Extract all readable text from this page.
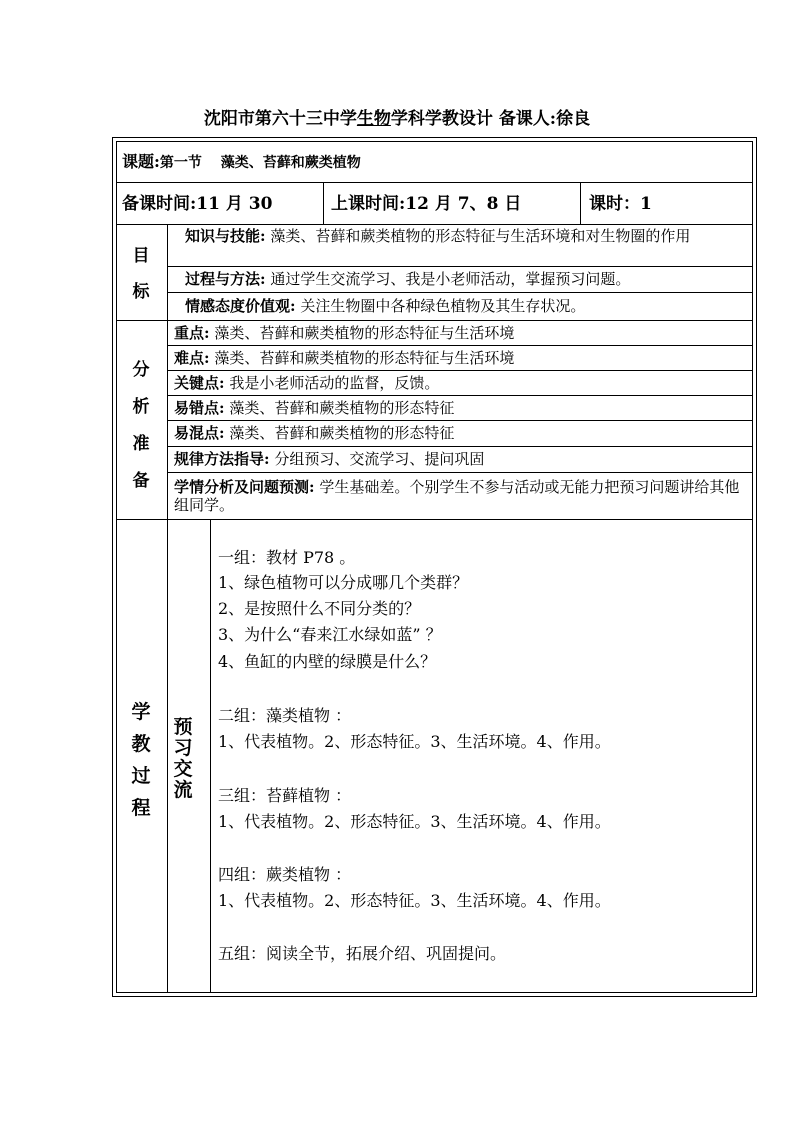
沈阳市第六十三中学生物学科学教设计 备课人:徐良
课题:第一节　 藻类、苔藓和蕨类植物
备课时间:11 月 30	上课时间:12 月 7、8 日	课时：1
目
标
知识与技能: 藻类、苔藓和蕨类植物的形态特征与生活环境和对生物圈的作用
过程与方法: 通过学生交流学习、我是小老师活动，掌握预习问题。
情感态度价值观: 关注生物圈中各种绿色植物及其生存状况。
分
析
准
备
重点: 藻类、苔藓和蕨类植物的形态特征与生活环境
难点: 藻类、苔藓和蕨类植物的形态特征与生活环境
关键点: 我是小老师活动的监督，反馈。
易错点: 藻类、苔藓和蕨类植物的形态特征
易混点: 藻类、苔藓和蕨类植物的形态特征
规律方法指导: 分组预习、交流学习、提问巩固
学情分析及问题预测: 学生基础差。个别学生不参与活动或无能力把预习问题讲给其他组同学。
学
教
过
程
预
习
交
流
一组：教材 P78 。
1、绿色植物可以分成哪几个类群？
2、是按照什么不同分类的？
3、为什么“春来江水绿如蓝” ？
4、鱼缸的内壁的绿膜是什么？
二组：藻类植物 ：
1、代表植物。2、形态特征。3、生活环境。4、作用。
三组：苔藓植物 ：
1、代表植物。2、形态特征。3、生活环境。4、作用。
四组：蕨类植物 ：
1、代表植物。2、形态特征。3、生活环境。4、作用。
五组：阅读全节，拓展介绍、巩固提问。
